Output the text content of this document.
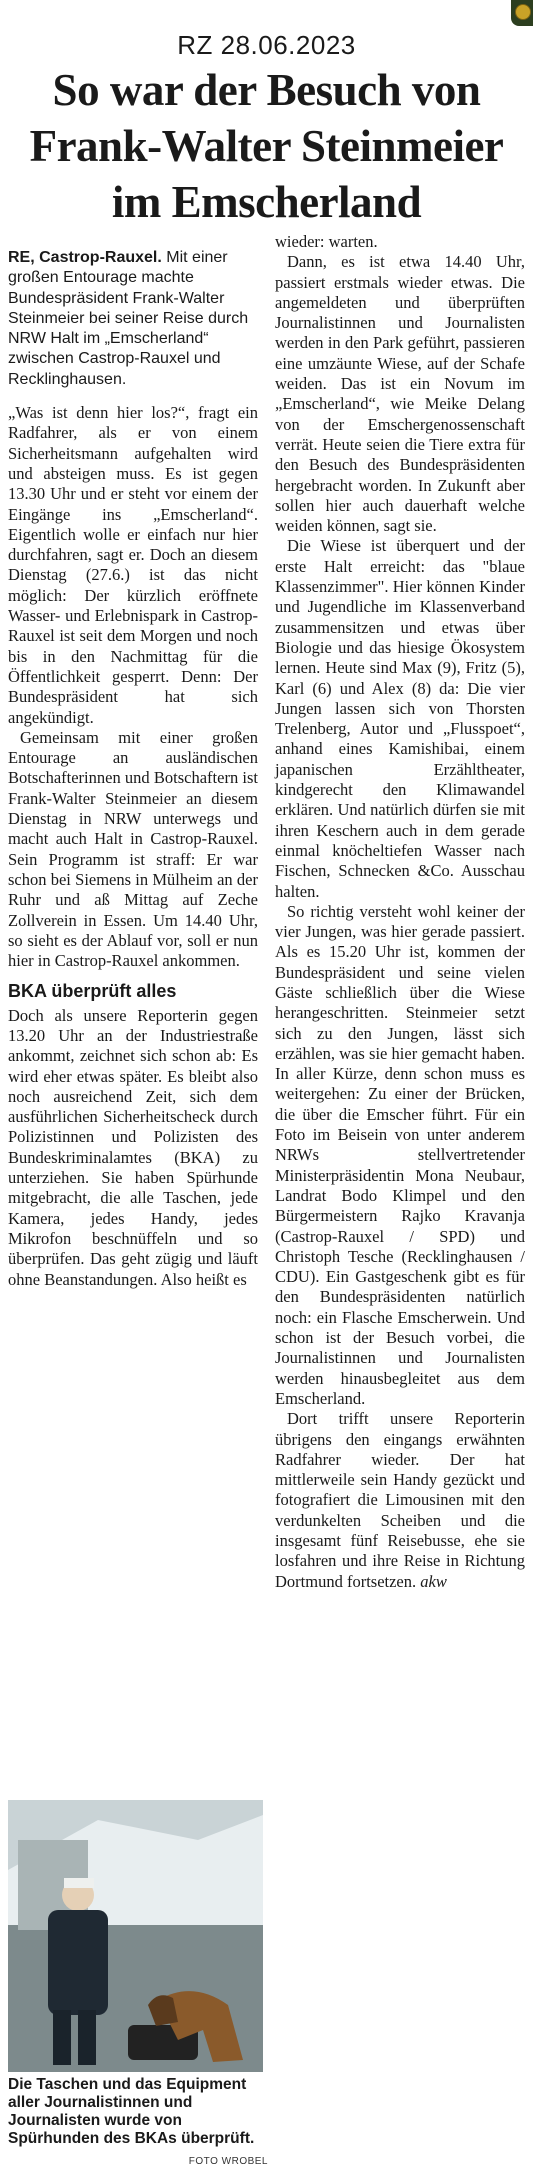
RZ 28.06.2023
So war der Besuch von Frank-Walter Steinmeier im Emscherland

RE, Castrop-Rauxel. Mit einer großen Entourage machte Bundespräsident Frank-Walter Steinmeier bei seiner Reise durch NRW Halt im „Emscherland“ zwischen Castrop-Rauxel und Recklinghausen.

„Was ist denn hier los?“, fragt ein Radfahrer, als er von einem Sicherheitsmann aufgehalten wird und absteigen muss. Es ist gegen 13.30 Uhr und er steht vor einem der Eingänge ins „Emscherland“. Eigentlich wolle er einfach nur hier durchfahren, sagt er. Doch an diesem Dienstag (27.6.) ist das nicht möglich: Der kürzlich eröffnete Wasser- und Erlebnispark in Castrop-Rauxel ist seit dem Morgen und noch bis in den Nachmittag für die Öffentlichkeit gesperrt. Denn: Der Bundespräsident hat sich angekündigt.

Gemeinsam mit einer großen Entourage an ausländischen Botschafterinnen und Botschaftern ist Frank-Walter Steinmeier an diesem Dienstag in NRW unterwegs und macht auch Halt in Castrop-Rauxel. Sein Programm ist straff: Er war schon bei Siemens in Mülheim an der Ruhr und aß Mittag auf Zeche Zollverein in Essen. Um 14.40 Uhr, so sieht es der Ablauf vor, soll er nun hier in Castrop-Rauxel ankommen.

BKA überprüft alles

Doch als unsere Reporterin gegen 13.20 Uhr an der Industriestraße ankommt, zeichnet sich schon ab: Es wird eher etwas später. Es bleibt also noch ausreichend Zeit, sich dem ausführlichen Sicherheitscheck durch Polizistinnen und Polizisten des Bundeskriminalamtes (BKA) zu unterziehen. Sie haben Spürhunde mitgebracht, die alle Taschen, jede Kamera, jedes Handy, jedes Mikrofon beschnüffeln und so überprüfen. Das geht zügig und läuft ohne Beanstandungen. Also heißt es

Die Taschen und das Equipment aller Journalistinnen und Journalisten wurde von Spürhunden des BKAs überprüft.
FOTO WROBEL

wieder: warten.

Dann, es ist etwa 14.40 Uhr, passiert erstmals wieder etwas. Die angemeldeten und überprüften Journalistinnen und Journalisten werden in den Park geführt, passieren eine umzäunte Wiese, auf der Schafe weiden. Das ist ein Novum im „Emscherland“, wie Meike Delang von der Emschergenossenschaft verrät. Heute seien die Tiere extra für den Besuch des Bundespräsidenten hergebracht worden. In Zukunft aber sollen hier auch dauerhaft welche weiden können, sagt sie.

Die Wiese ist überquert und der erste Halt erreicht: das "blaue Klassenzimmer". Hier können Kinder und Jugendliche im Klassenverband zusammensitzen und etwas über Biologie und das hiesige Ökosystem lernen. Heute sind Max (9), Fritz (5), Karl (6) und Alex (8) da: Die vier Jungen lassen sich von Thorsten Trelenberg, Autor und „Flusspoet“, anhand eines Kamishibai, einem japanischen Erzähltheater, kindgerecht den Klimawandel erklären. Und natürlich dürfen sie mit ihren Keschern auch in dem gerade einmal knöcheltiefen Wasser nach Fischen, Schnecken &Co. Ausschau halten.

So richtig versteht wohl keiner der vier Jungen, was hier gerade passiert. Als es 15.20 Uhr ist, kommen der Bundespräsident und seine vielen Gäste schließlich über die Wiese herangeschritten. Steinmeier setzt sich zu den Jungen, lässt sich erzählen, was sie hier gemacht haben. In aller Kürze, denn schon muss es weitergehen: Zu einer der Brücken, die über die Emscher führt. Für ein Foto im Beisein von unter anderem NRWs stellvertretender Ministerpräsidentin Mona Neubaur, Landrat Bodo Klimpel und den Bürgermeistern Rajko Kravanja (Castrop-Rauxel / SPD) und Christoph Tesche (Recklinghausen / CDU). Ein Gastgeschenk gibt es für den Bundespräsidenten natürlich noch: ein Flasche Emscherwein. Und schon ist der Besuch vorbei, die Journalistinnen und Journalisten werden hinausbegleitet aus dem Emscherland.

Dort trifft unsere Reporterin übrigens den eingangs erwähnten Radfahrer wieder. Der hat mittlerweile sein Handy gezückt und fotografiert die Limousinen mit den verdunkelten Scheiben und die insgesamt fünf Reisebusse, ehe sie losfahren und ihre Reise in Richtung Dortmund fortsetzen. akw
